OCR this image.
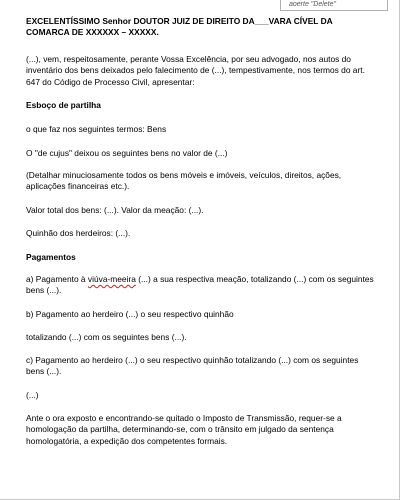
aoerte "Delete"

EXCELENTÍSSIMO Senhor DOUTOR JUIZ DE DIREITO DA___VARA CÍVEL DA COMARCA DE XXXXXX – XXXXX.

(...), vem, respeitosamente, perante Vossa Excelência, por seu advogado, nos autos do inventário dos bens deixados pelo falecimento de (...), tempestivamente, nos termos do art. 647 do Código de Processo Civil, apresentar:

Esboço de partilha

o que faz nos seguintes termos: Bens

O "de cujus" deixou os seguintes bens no valor de (...)

(Detalhar minuciosamente todos os bens móveis e imóveis, veículos, direitos, ações, aplicações financeiras etc.).

Valor total dos bens: (...). Valor da meação: (...).

Quinhão dos herdeiros: (...).

Pagamentos

a) Pagamento à viúva-meeira (...) a sua respectiva meação, totalizando (...) com os seguintes bens (...).

b) Pagamento ao herdeiro (...) o seu respectivo quinhão

totalizando (...) com os seguintes bens (...).

c) Pagamento ao herdeiro (...) o seu respectivo quinhão totalizando (...) com os seguintes bens (...).

(...)

Ante o ora exposto e encontrando-se quitado o Imposto de Transmissão, requer-se a homologação da partilha, determinando-se, com o trânsito em julgado da sentença homologatória, a expedição dos competentes formais.
